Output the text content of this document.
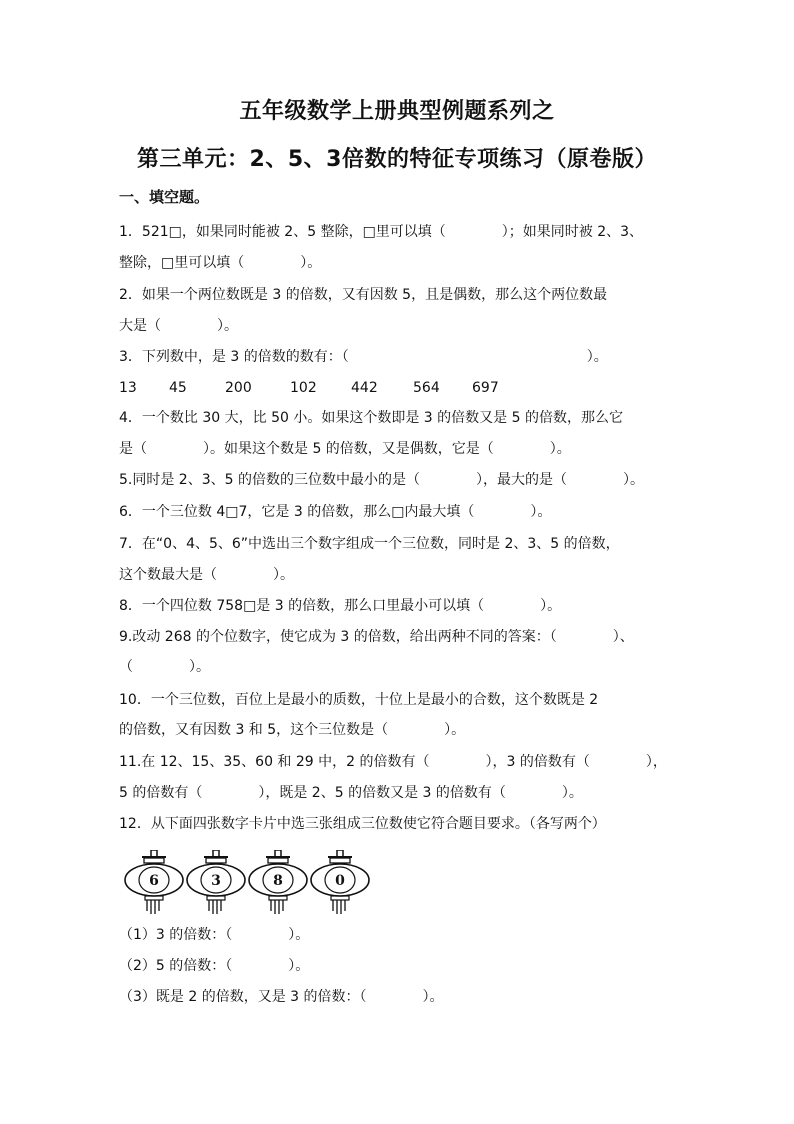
五年级数学上册典型例题系列之
第三单元：2、5、3倍数的特征专项练习（原卷版）
一、填空题。
1．521□，如果同时能被 2、5 整除，□里可以填（　　　　）；如果同时被 2、3、
整除，□里可以填（　　　　）。
2．如果一个两位数既是 3 的倍数，又有因数 5，且是偶数，那么这个两位数最
大是（　　　　）。
3．下列数中，是 3 的倍数的数有：（　　　　　　　　　　　　　　　　　）。
13 45	200	102 442	564 697
4．一个数比 30 大，比 50 小。如果这个数即是 3 的倍数又是 5 的倍数，那么它
是（　　　　）。如果这个数是 5 的倍数，又是偶数，它是（　　　　）。
5.同时是 2、3、5 的倍数的三位数中最小的是（　　　　），最大的是（　　　　）。
6．一个三位数 4□7，它是 3 的倍数，那么□内最大填（　　　　）。
7．在“0、4、5、6”中选出三个数字组成一个三位数，同时是 2、3、5 的倍数，
这个数最大是（　　　　）。
8．一个四位数 758□是 3 的倍数，那么口里最小可以填（　　　　）。
9.改动 268 的个位数字，使它成为 3 的倍数，给出两种不同的答案：（　　　　）、
（　　　　）。
10．一个三位数，百位上是最小的质数，十位上是最小的合数，这个数既是 2
的倍数，又有因数 3 和 5，这个三位数是（　　　　）。
11.在 12、15、35、60 和 29 中，2 的倍数有（　　　　），3 的倍数有（　　　　），
5 的倍数有（　　　　），既是 2、5 的倍数又是 3 的倍数有（　　　　）。
12．从下面四张数字卡片中选三张组成三位数使它符合题目要求。（各写两个）
6	3	8	0
（1）3 的倍数：（　　　　）。
（2）5 的倍数：（　　　　）。
（3）既是 2 的倍数，又是 3 的倍数：（　　　　）。
